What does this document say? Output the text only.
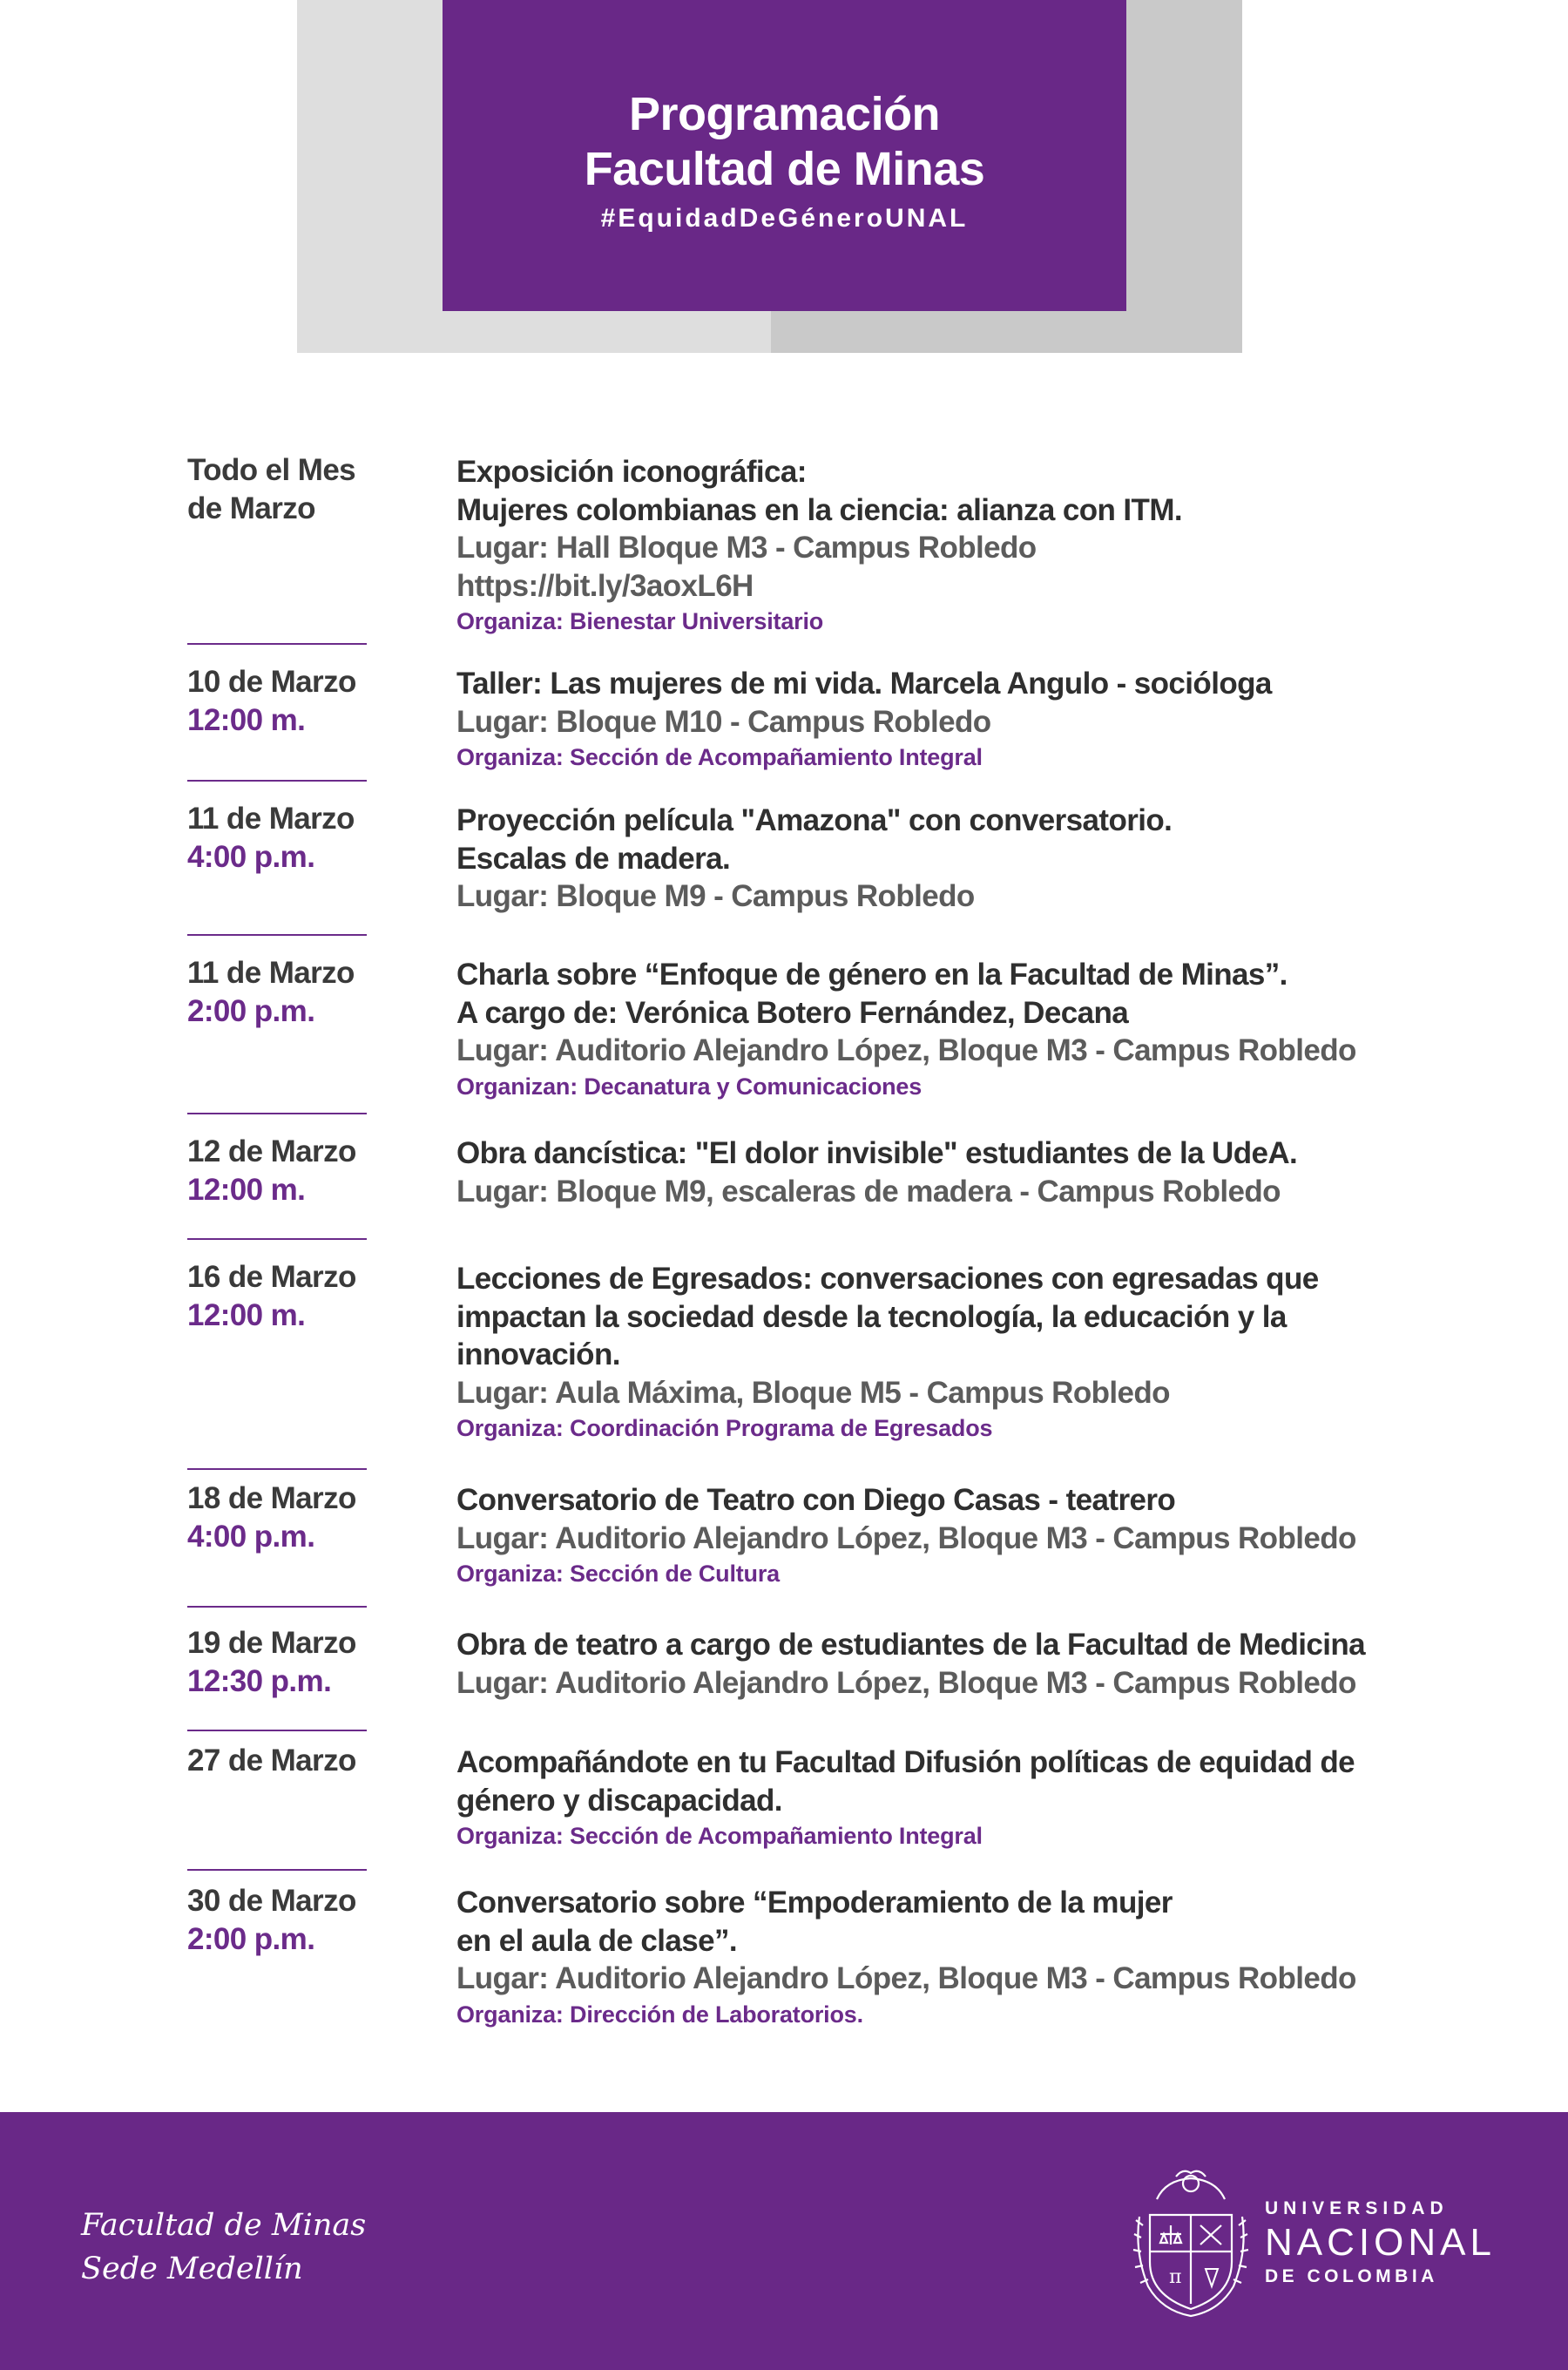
Programación
Facultad de Minas
#EquidadDeGéneroUNAL
Todo el Mes
de Marzo
Exposición iconográfica:
Mujeres colombianas en la ciencia: alianza con ITM.
Lugar: Hall Bloque M3 - Campus Robledo
https://bit.ly/3aoxL6H
Organiza: Bienestar Universitario
10 de Marzo
12:00 m.
Taller: Las mujeres de mi vida. Marcela Angulo - socióloga
Lugar: Bloque M10 - Campus Robledo
Organiza: Sección de Acompañamiento Integral
11 de Marzo
4:00 p.m.
Proyección película "Amazona" con conversatorio.
Escalas de madera.
Lugar: Bloque M9 - Campus Robledo
11 de Marzo
2:00 p.m.
Charla sobre “Enfoque de género en la Facultad de Minas”.
A cargo de: Verónica Botero Fernández, Decana
Lugar: Auditorio Alejandro López, Bloque M3 - Campus Robledo
Organizan: Decanatura y Comunicaciones
12 de Marzo
12:00 m.
Obra dancística: "El dolor invisible" estudiantes de la UdeA.
Lugar: Bloque M9, escaleras de madera - Campus Robledo
16 de Marzo
12:00 m.
Lecciones de Egresados: conversaciones con egresadas que
impactan la sociedad desde la tecnología, la educación y la
innovación.
Lugar: Aula Máxima, Bloque M5 - Campus Robledo
Organiza: Coordinación Programa de Egresados
18 de Marzo
4:00 p.m.
Conversatorio de Teatro con Diego Casas - teatrero
Lugar: Auditorio Alejandro López, Bloque M3 - Campus Robledo
Organiza: Sección de Cultura
19 de Marzo
12:30 p.m.
Obra de teatro a cargo de estudiantes de la Facultad de Medicina
Lugar: Auditorio Alejandro López, Bloque M3 - Campus Robledo
27 de Marzo	Acompañándote en tu Facultad Difusión políticas de equidad de
género y discapacidad.
Organiza: Sección de Acompañamiento Integral
30 de Marzo
2:00 p.m.
Conversatorio sobre “Empoderamiento de la mujer
en el aula de clase”.
Lugar: Auditorio Alejandro López, Bloque M3 - Campus Robledo
Organiza: Dirección de Laboratorios.
Facultad de Minas
Sede Medellín	π
UNIVERSIDAD
NACIONAL
DE COLOMBIA
